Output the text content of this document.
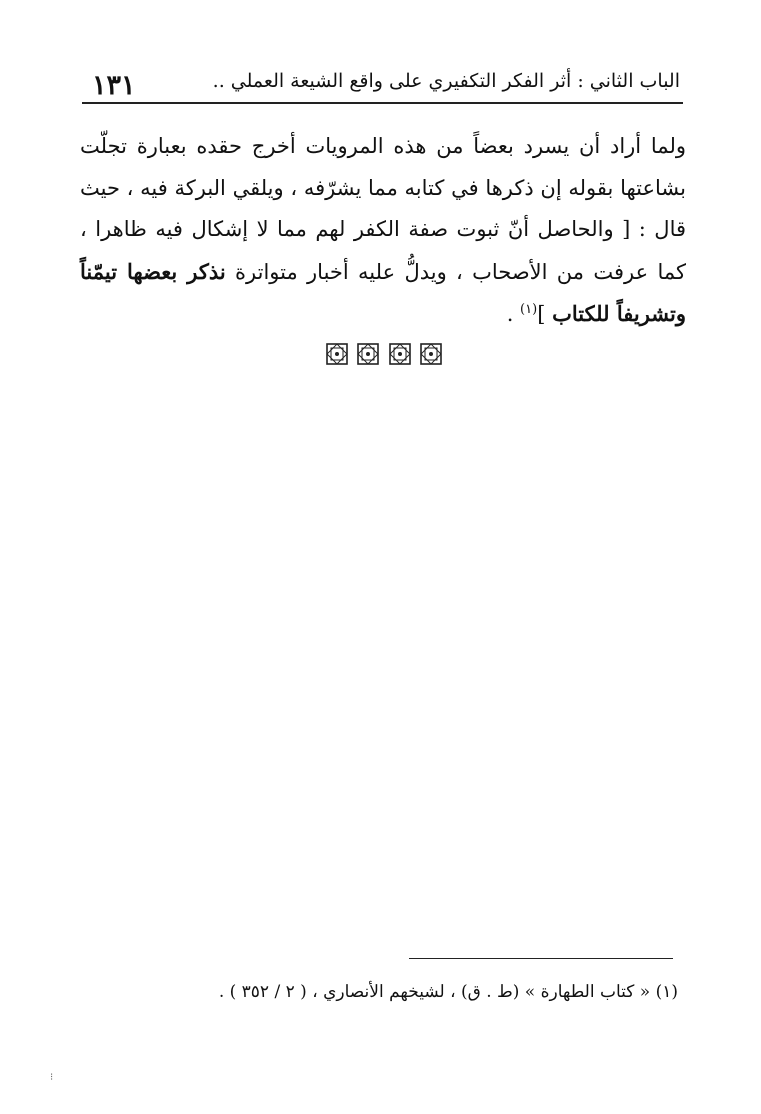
١٣١	الباب الثاني : أثر الفكر التكفيري على واقع الشيعة العملي ..
ولما أراد أن يسرد بعضاً من هذه المرويات أخرج حقده بعبارة تجلّت
بشاعتها بقوله إن ذكرها في كتابه مما يشرّفه ، ويلقي البركة فيه ، حيث
قال : [ والحاصل أنّ ثبوت صفة الكفر لهم مما لا إشكال فيه ظاهرا ،
كما عرفت من الأصحاب ، ويدلُّ عليه أخبار متواترة نذكر بعضها تيمّناً
وتشريفاً للكتاب ]$^{(١)}$ .
(١) « كتاب الطهارة » (ط . ق) ، لشيخهم الأنصاري ، ( ٢ / ٣٥٢ ) .
⁝
